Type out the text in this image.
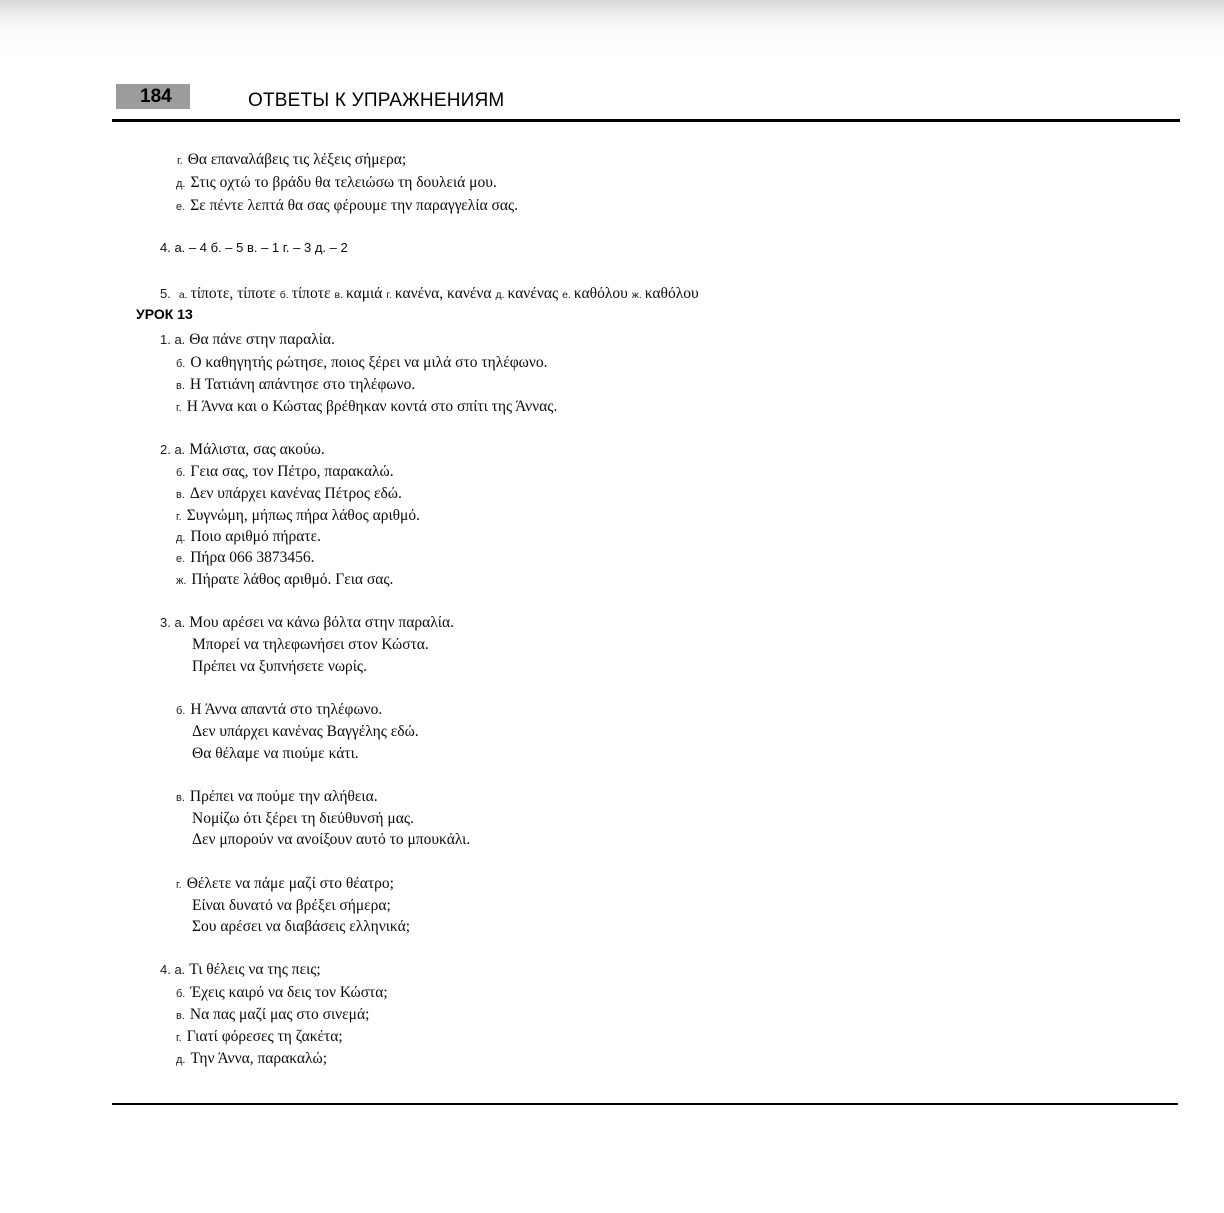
184	ОТВЕТЫ К УПРАЖНЕНИЯМ
г. Θα επαναλάβεις τις λέξεις σήμερα;
д. Στις οχτώ το βράδυ θα τελειώσω τη δουλειά μου.
е. Σε πέντε λεπτά θα σας φέρουμε την παραγγελία σας.
4. а. – 4 б. – 5 в. – 1 г. – 3 д. – 2
5. а. τίποτε, τίποτε б. τίποτε в. καμιά г. κανένα, κανένα д. κανένας е. καθόλου ж. καθόλου
УРОК 13
1. а. Θα πάνε στην παραλία.
б. Ο καθηγητής ρώτησε, ποιος ξέρει να μιλά στο τηλέφωνο.
в. Η Τατιάνη απάντησε στο τηλέφωνο.
г. Η Άννα και ο Κώστας βρέθηκαν κοντά στο σπίτι της Άννας.
2. а. Μάλιστα, σας ακούω.
б. Γεια σας, τον Πέτρο, παρακαλώ.
в. Δεν υπάρχει κανένας Πέτρος εδώ.
г. Συγνώμη, μήπως πήρα λάθος αριθμό.
д. Ποιο αριθμό πήρατε.
е. Πήρα 066 3873456.
ж. Πήρατε λάθος αριθμό. Γεια σας.
3. а. Μου αρέσει να κάνω βόλτα στην παραλία.
Μπορεί να τηλεφωνήσει στον Κώστα.
Πρέπει να ξυπνήσετε νωρίς.
б. Η Άννα απαντά στο τηλέφωνο.
Δεν υπάρχει κανένας Βαγγέλης εδώ.
Θα θέλαμε να πιούμε κάτι.
в. Πρέπει να πούμε την αλήθεια.
Νομίζω ότι ξέρει τη διεύθυνσή μας.
Δεν μπορούν να ανοίξουν αυτό το μπουκάλι.
г. Θέλετε να πάμε μαζί στο θέατρο;
Είναι δυνατό να βρέξει σήμερα;
Σου αρέσει να διαβάσεις ελληνικά;
4. а. Τι θέλεις να της πεις;
б. Έχεις καιρό να δεις τον Κώστα;
в. Να πας μαζί μας στο σινεμά;
г. Γιατί φόρεσες τη ζακέτα;
д. Την Άννα, παρακαλώ;
